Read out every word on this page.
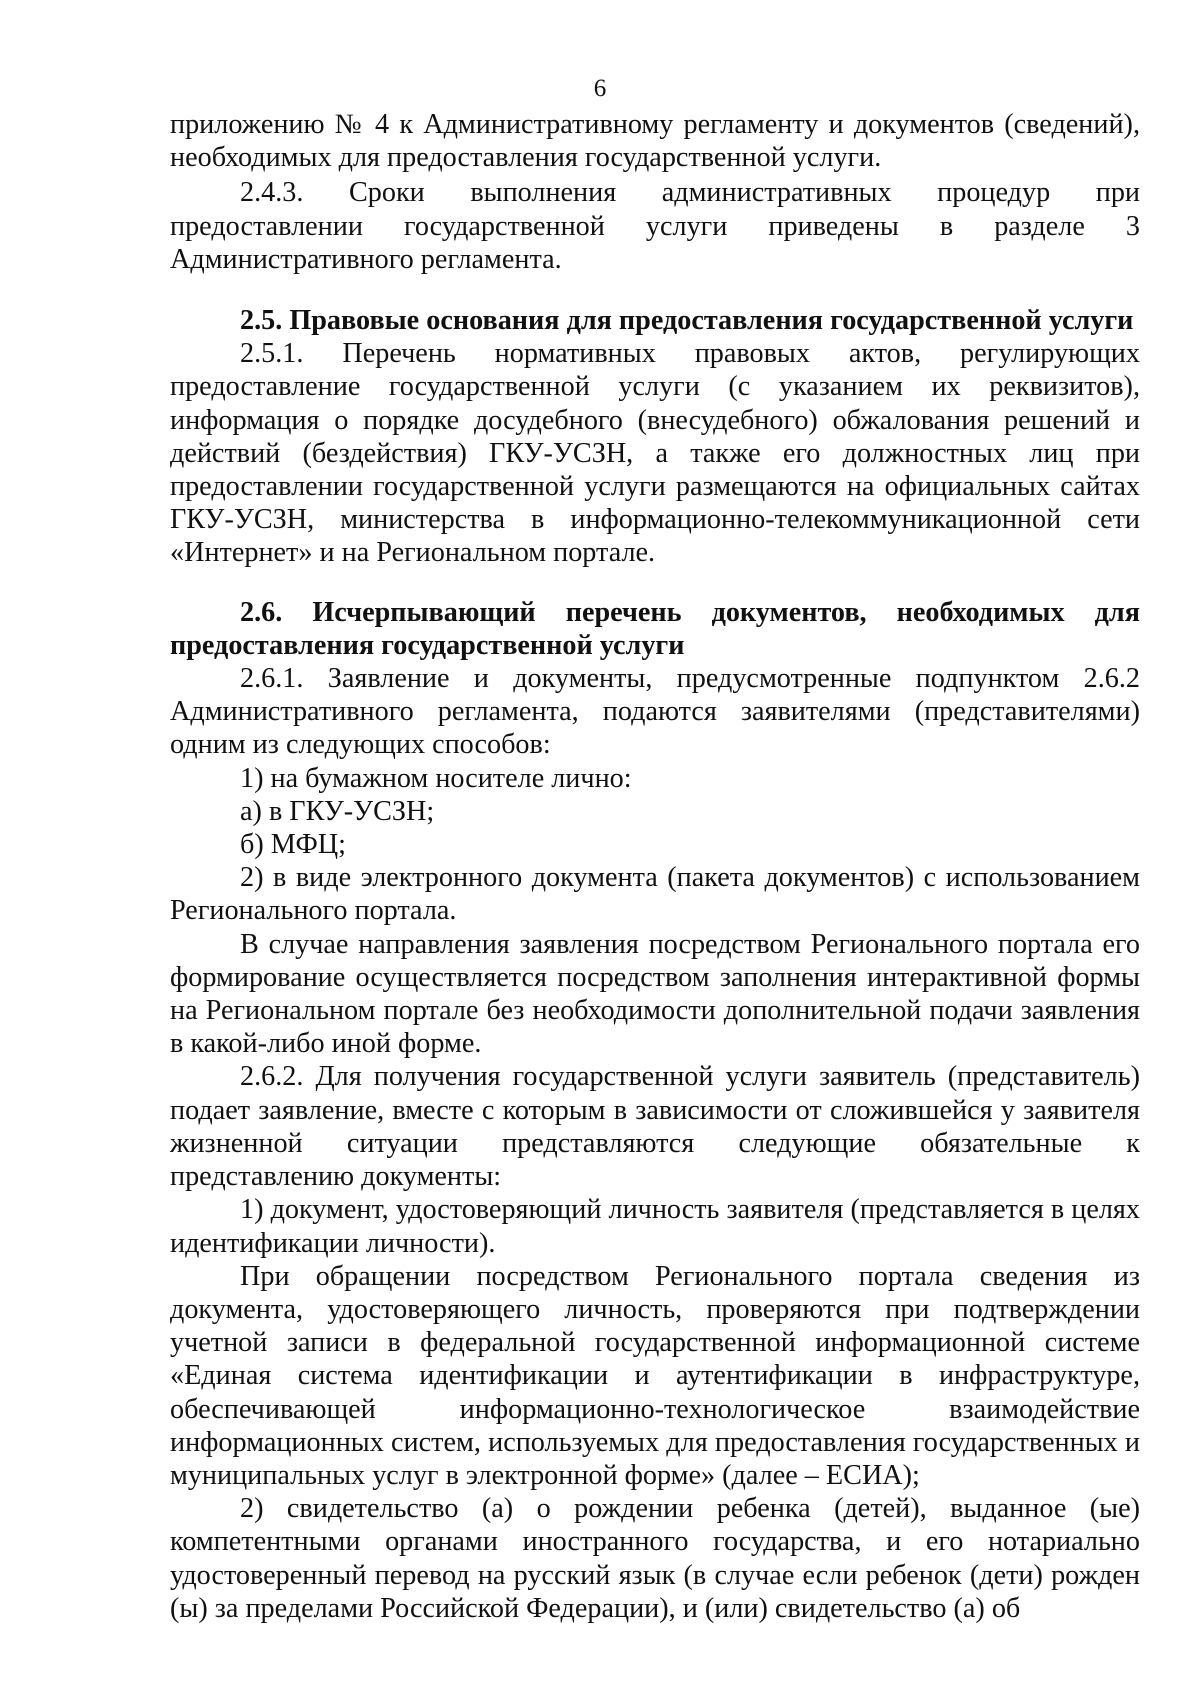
6

приложению № 4 к Административному регламенту и документов (сведений), необходимых для предоставления государственной услуги.

2.4.3. Сроки выполнения административных процедур при предоставлении государственной услуги приведены в разделе 3 Административного регламента.

2.5. Правовые основания для предоставления государственной услуги

2.5.1. Перечень нормативных правовых актов, регулирующих предоставление государственной услуги (с указанием их реквизитов), информация о порядке досудебного (внесудебного) обжалования решений и действий (бездействия) ГКУ-УСЗН, а также его должностных лиц при предоставлении государственной услуги размещаются на официальных сайтах ГКУ-УСЗН, министерства в информационно-телекоммуникационной сети «Интернет» и на Региональном портале.

2.6. Исчерпывающий перечень документов, необходимых для предоставления государственной услуги

2.6.1. Заявление и документы, предусмотренные подпунктом 2.6.2 Административного регламента, подаются заявителями (представителями) одним из следующих способов:

1) на бумажном носителе лично:

а) в ГКУ-УСЗН;

б) МФЦ;

2) в виде электронного документа (пакета документов) с использованием Регионального портала.

В случае направления заявления посредством Регионального портала его формирование осуществляется посредством заполнения интерактивной формы на Региональном портале без необходимости дополнительной подачи заявления в какой-либо иной форме.

2.6.2. Для получения государственной услуги заявитель (представитель) подает заявление, вместе с которым в зависимости от сложившейся у заявителя жизненной ситуации представляются следующие обязательные к представлению документы:

1) документ, удостоверяющий личность заявителя (представляется в целях идентификации личности).

При обращении посредством Регионального портала сведения из документа, удостоверяющего личность, проверяются при подтверждении учетной записи в федеральной государственной информационной системе «Единая система идентификации и аутентификации в инфраструктуре, обеспечивающей информационно-технологическое взаимодействие информационных систем, используемых для предоставления государственных и муниципальных услуг в электронной форме» (далее – ЕСИА);

2) свидетельство (а) о рождении ребенка (детей), выданное (ые) компетентными органами иностранного государства, и его нотариально удостоверенный перевод на русский язык (в случае если ребенок (дети) рожден (ы) за пределами Российской Федерации), и (или) свидетельство (а) об
